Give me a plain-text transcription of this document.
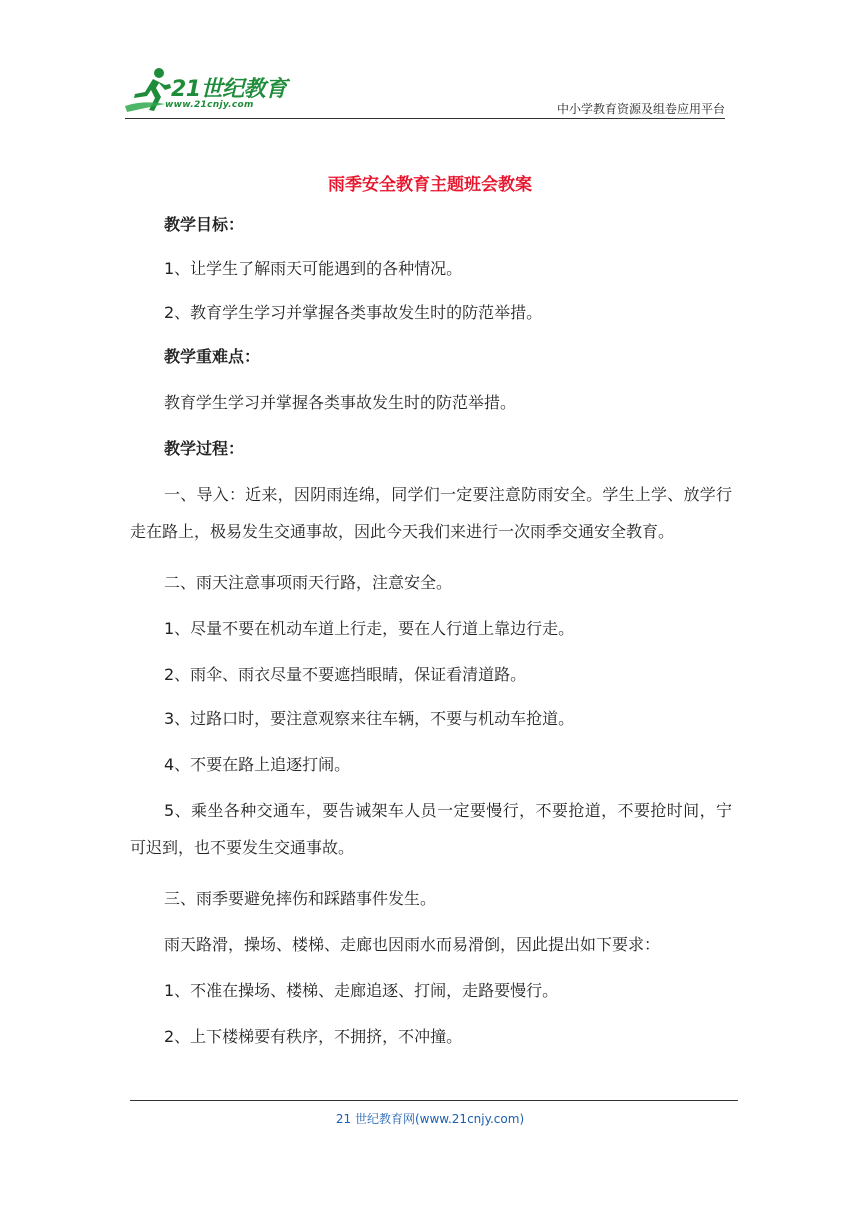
21世纪教育
www.21cnjy.com	中小学教育资源及组卷应用平台
雨季安全教育主题班会教案
教学目标：
1、让学生了解雨天可能遇到的各种情况。
2、教育学生学习并掌握各类事故发生时的防范举措。
教学重难点：
教育学生学习并掌握各类事故发生时的防范举措。
教学过程：
一、导入：近来，因阴雨连绵，同学们一定要注意防雨安全。学生上学、放学行走在路上，极易发生交通事故，因此今天我们来进行一次雨季交通安全教育。
二、雨天注意事项雨天行路，注意安全。
1、尽量不要在机动车道上行走，要在人行道上靠边行走。
2、雨伞、雨衣尽量不要遮挡眼睛，保证看清道路。
3、过路口时，要注意观察来往车辆，不要与机动车抢道。
4、不要在路上追逐打闹。
5、乘坐各种交通车，要告诫架车人员一定要慢行，不要抢道，不要抢时间，宁可迟到，也不要发生交通事故。
三、雨季要避免摔伤和踩踏事件发生。
雨天路滑，操场、楼梯、走廊也因雨水而易滑倒，因此提出如下要求：
1、不准在操场、楼梯、走廊追逐、打闹，走路要慢行。
2、上下楼梯要有秩序，不拥挤，不冲撞。
21 世纪教育网(www.21cnjy.com)
